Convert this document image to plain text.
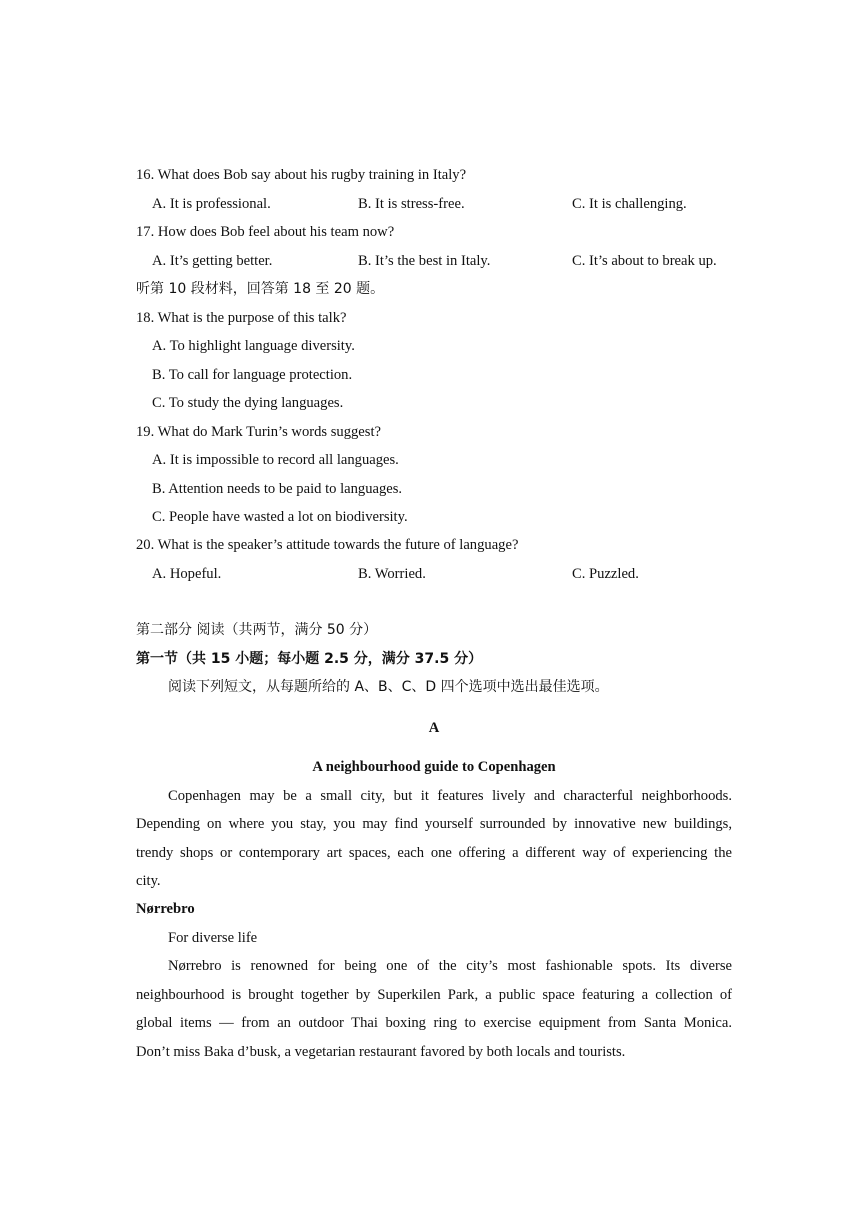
16. What does Bob say about his rugby training in Italy?
A. It is professional.	B. It is stress-free.	C. It is challenging.
17. How does Bob feel about his team now?
A. It’s getting better.	B. It’s the best in Italy.	C. It’s about to break up.
听第 10 段材料，回答第 18 至 20 题。
18. What is the purpose of this talk?
A. To highlight language diversity.
B. To call for language protection.
C. To study the dying languages.
19. What do Mark Turin’s words suggest?
A. It is impossible to record all languages.
B. Attention needs to be paid to languages.
C. People have wasted a lot on biodiversity.
20. What is the speaker’s attitude towards the future of language?
A. Hopeful.	B. Worried.	C. Puzzled.
第二部分 阅读（共两节，满分 50 分）
第一节（共 15 小题；每小题 2.5 分，满分 37.5 分）
阅读下列短文，从每题所给的 A、B、C、D 四个选项中选出最佳选项。
A
A neighbourhood guide to Copenhagen
Copenhagen may be a small city, but it features lively and characterful neighborhoods.
Depending on where you stay, you may find yourself surrounded by innovative new buildings,
trendy shops or contemporary art spaces, each one offering a different way of experiencing the
city.
Nørrebro
For diverse life
Nørrebro is renowned for being one of the city’s most fashionable spots. Its diverse
neighbourhood is brought together by Superkilen Park, a public space featuring a collection of
global items — from an outdoor Thai boxing ring to exercise equipment from Santa Monica.
Don’t miss Baka d’busk, a vegetarian restaurant favored by both locals and tourists.
